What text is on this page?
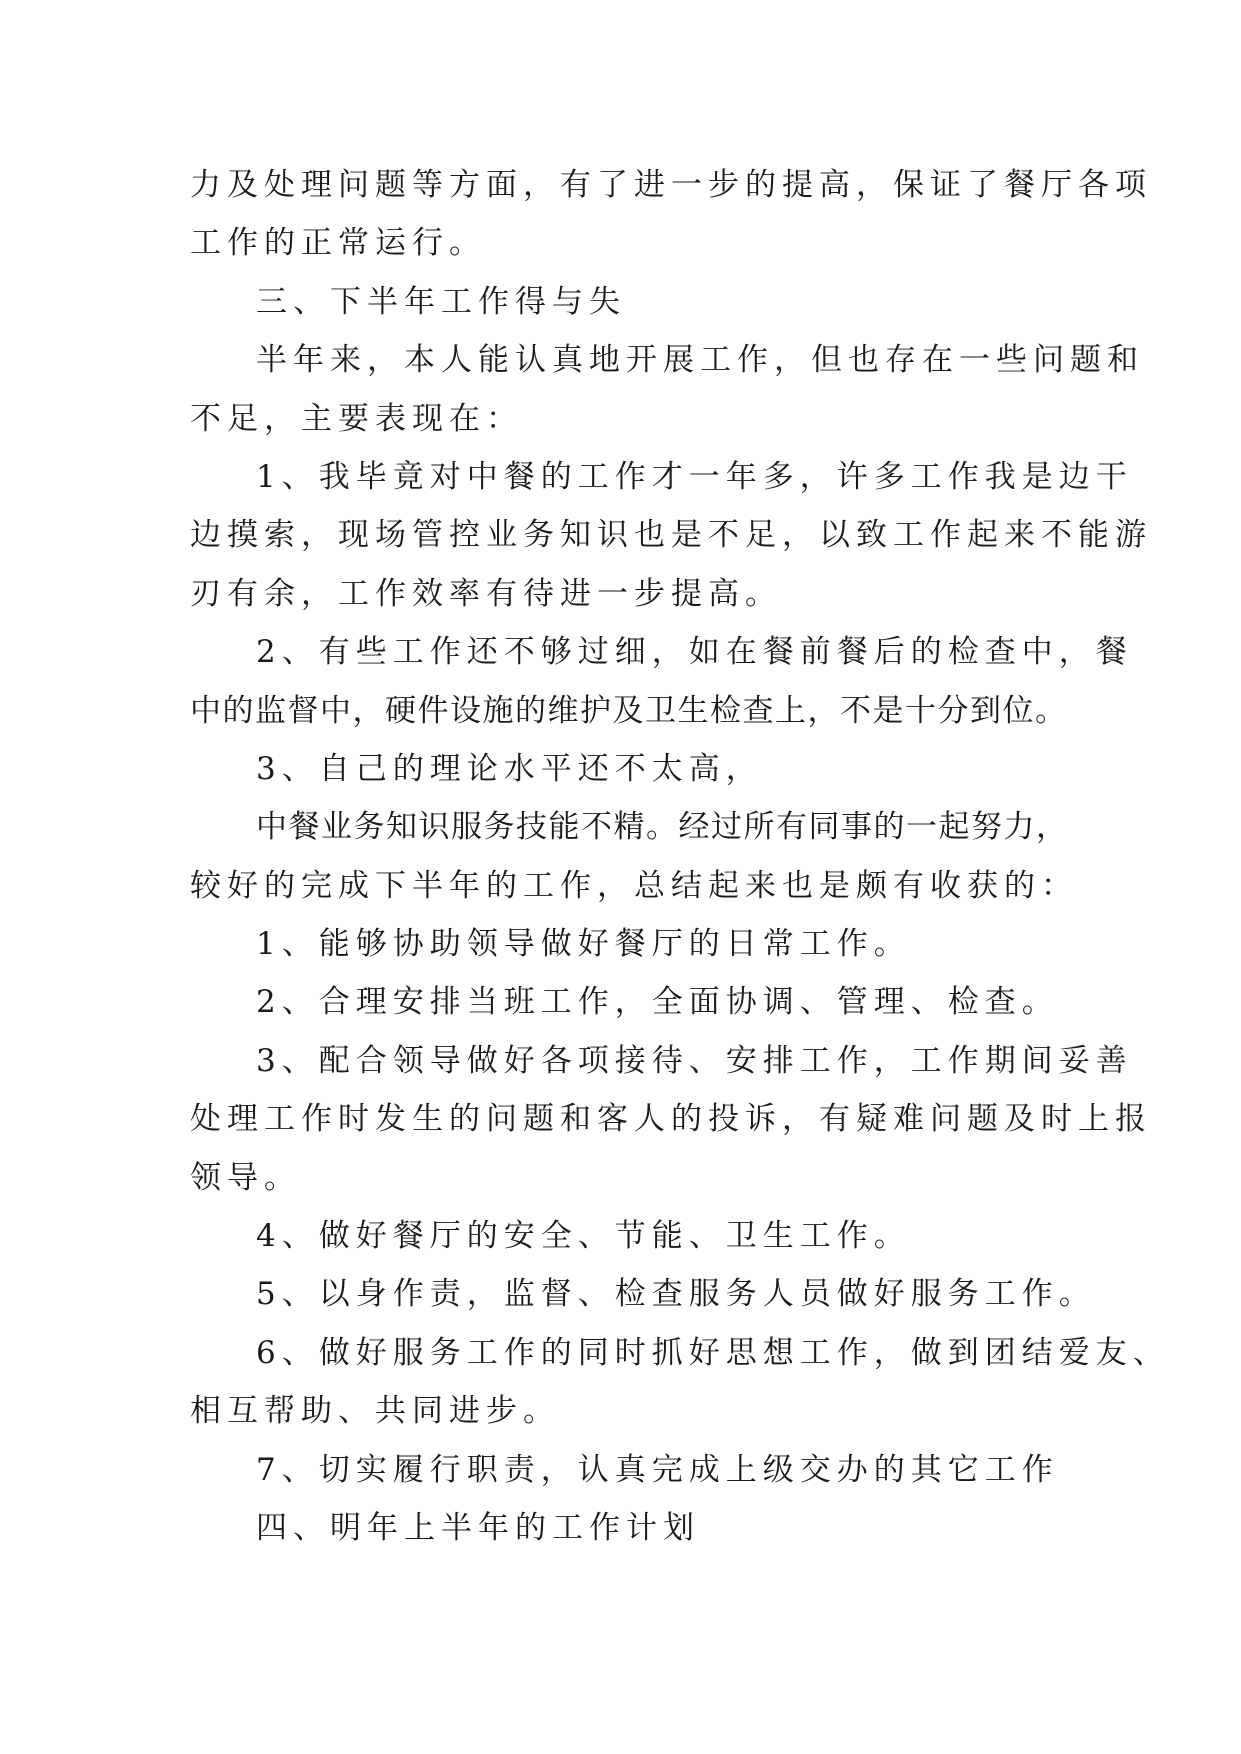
力及处理问题等方面，有了进一步的提高，保证了餐厅各项
工作的正常运行。
三、下半年工作得与失
半年来，本人能认真地开展工作，但也存在一些问题和
不足，主要表现在：
1、我毕竟对中餐的工作才一年多，许多工作我是边干
边摸索，现场管控业务知识也是不足，以致工作起来不能游
刃有余，工作效率有待进一步提高。
2、有些工作还不够过细，如在餐前餐后的检查中，餐
中的监督中，硬件设施的维护及卫生检查上，不是十分到位。
3、自己的理论水平还不太高，
中餐业务知识服务技能不精。经过所有同事的一起努力，
较好的完成下半年的工作，总结起来也是颇有收获的：
1、能够协助领导做好餐厅的日常工作。
2、合理安排当班工作，全面协调、管理、检查。
3、配合领导做好各项接待、安排工作，工作期间妥善
处理工作时发生的问题和客人的投诉，有疑难问题及时上报
领导。
4、做好餐厅的安全、节能、卫生工作。
5、以身作责，监督、检查服务人员做好服务工作。
6、做好服务工作的同时抓好思想工作，做到团结爱友、
相互帮助、共同进步。
7、切实履行职责，认真完成上级交办的其它工作
四、明年上半年的工作计划
